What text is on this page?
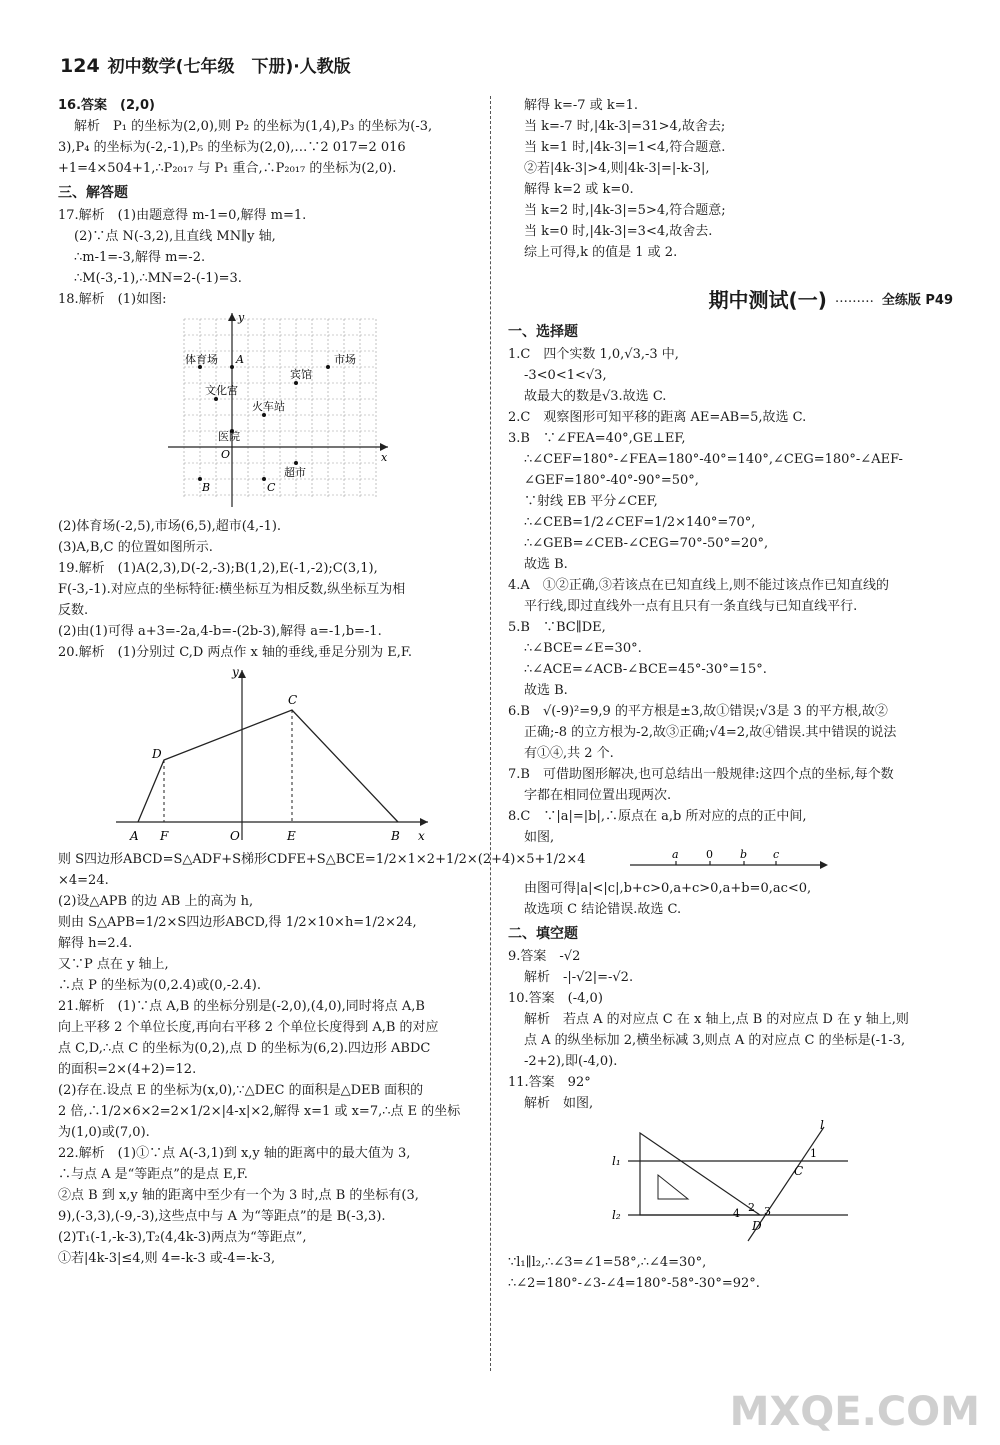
124 初中数学(七年级　下册)·人教版
16.答案　(2,0)
解析　P₁ 的坐标为(2,0),则 P₂ 的坐标为(1,4),P₃ 的坐标为(-3,
3),P₄ 的坐标为(-2,-1),P₅ 的坐标为(2,0),…∵2 017=2 016
+1=4×504+1,∴P₂₀₁₇ 与 P₁ 重合,∴P₂₀₁₇ 的坐标为(2,0).
三、解答题
17.解析　(1)由题意得 m-1=0,解得 m=1.
(2)∵点 N(-3,2),且直线 MN∥y 轴,
∴m-1=-3,解得 m=-2.
∴M(-3,-1),∴MN=2-(-1)=3.
18.解析　(1)如图:
x
y
O
体育场	市场
宾馆
文化宫
火车站
医院
超市
A
B	C
(2)体育场(-2,5),市场(6,5),超市(4,-1).
(3)A,B,C 的位置如图所示.
19.解析　(1)A(2,3),D(-2,-3);B(1,2),E(-1,-2);C(3,1),
F(-3,-1).对应点的坐标特征:横坐标互为相反数,纵坐标互为相
反数.
(2)由(1)可得 a+3=-2a,4-b=-(2b-3),解得 a=-1,b=-1.
20.解析　(1)分别过 C,D 两点作 x 轴的垂线,垂足分别为 E,F.
y
x
C
D
A F	O	E	B
则 S四边形ABCD=S△ADF+S梯形CDFE+S△BCE=1/2×1×2+1/2×(2+4)×5+1/2×4
×4=24.
(2)设△APB 的边 AB 上的高为 h,
则由 S△APB=1/2×S四边形ABCD,得 1/2×10×h=1/2×24,
解得 h=2.4.
又∵P 点在 y 轴上,
∴点 P 的坐标为(0,2.4)或(0,-2.4).
21.解析　(1)∵点 A,B 的坐标分别是(-2,0),(4,0),同时将点 A,B
向上平移 2 个单位长度,再向右平移 2 个单位长度得到 A,B 的对应
点 C,D,∴点 C 的坐标为(0,2),点 D 的坐标为(6,2).四边形 ABDC
的面积=2×(4+2)=12.
(2)存在.设点 E 的坐标为(x,0),∵△DEC 的面积是△DEB 面积的
2 倍,∴1/2×6×2=2×1/2×|4-x|×2,解得 x=1 或 x=7,∴点 E 的坐标
为(1,0)或(7,0).
22.解析　(1)①∵点 A(-3,1)到 x,y 轴的距离中的最大值为 3,
∴与点 A 是“等距点”的是点 E,F.
②点 B 到 x,y 轴的距离中至少有一个为 3 时,点 B 的坐标有(3,
9),(-3,3),(-9,-3),这些点中与 A 为“等距点”的是 B(-3,3).
(2)T₁(-1,-k-3),T₂(4,4k-3)两点为“等距点”,
①若|4k-3|≤4,则 4=-k-3 或-4=-k-3,
解得 k=-7 或 k=1.
当 k=-7 时,|4k-3|=31>4,故舍去;
当 k=1 时,|4k-3|=1<4,符合题意.
②若|4k-3|>4,则|4k-3|=|-k-3|,
解得 k=2 或 k=0.
当 k=2 时,|4k-3|=5>4,符合题意;
当 k=0 时,|4k-3|=3<4,故舍去.
综上可得,k 的值是 1 或 2.
期中测试(一) ……… 全练版 P49
一、选择题
1.C　四个实数 1,0,√3,-3 中,
-3<0<1<√3,
故最大的数是√3.故选 C.
2.C　观察图形可知平移的距离 AE=AB=5,故选 C.
3.B　∵∠FEA=40°,GE⊥EF,
∴∠CEF=180°-∠FEA=180°-40°=140°,∠CEG=180°-∠AEF-
∠GEF=180°-40°-90°=50°,
∵射线 EB 平分∠CEF,
∴∠CEB=1/2∠CEF=1/2×140°=70°,
∴∠GEB=∠CEB-∠CEG=70°-50°=20°,
故选 B.
4.A　①②正确,③若该点在已知直线上,则不能过该点作已知直线的
平行线,即过直线外一点有且只有一条直线与已知直线平行.
5.B　∵BC∥DE,
∴∠BCE=∠E=30°.
∴∠ACE=∠ACB-∠BCE=45°-30°=15°.
故选 B.
6.B　√(-9)²=9,9 的平方根是±3,故①错误;√3是 3 的平方根,故②
正确;-8 的立方根为-2,故③正确;√4=2,故④错误.其中错误的说法
有①④,共 2 个.
7.B　可借助图形解决,也可总结出一般规律:这四个点的坐标,每个数
字都在相同位置出现两次.
8.C　∵|a|=|b|,∴原点在 a,b 所对应的点的正中间,
如图,
a 0 b c
由图可得|a|<|c|,b+c>0,a+c>0,a+b=0,ac<0,
故选项 C 结论错误.故选 C.
二、填空题
9.答案　-√2
解析　-|-√2|=-√2.
10.答案　(-4,0)
解析　若点 A 的对应点 C 在 x 轴上,点 B 的对应点 D 在 y 轴上,则
点 A 的纵坐标加 2,横坐标减 3,则点 A 的对应点 C 的坐标是(-1-3,
-2+2),即(-4,0).
11.答案　92°
解析　如图,
l
l₁
l₂
1
2 3
4
C
D
∵l₁∥l₂,∴∠3=∠1=58°,∴∠4=30°,
∴∠2=180°-∠3-∠4=180°-58°-30°=92°.
MXQE.COM
